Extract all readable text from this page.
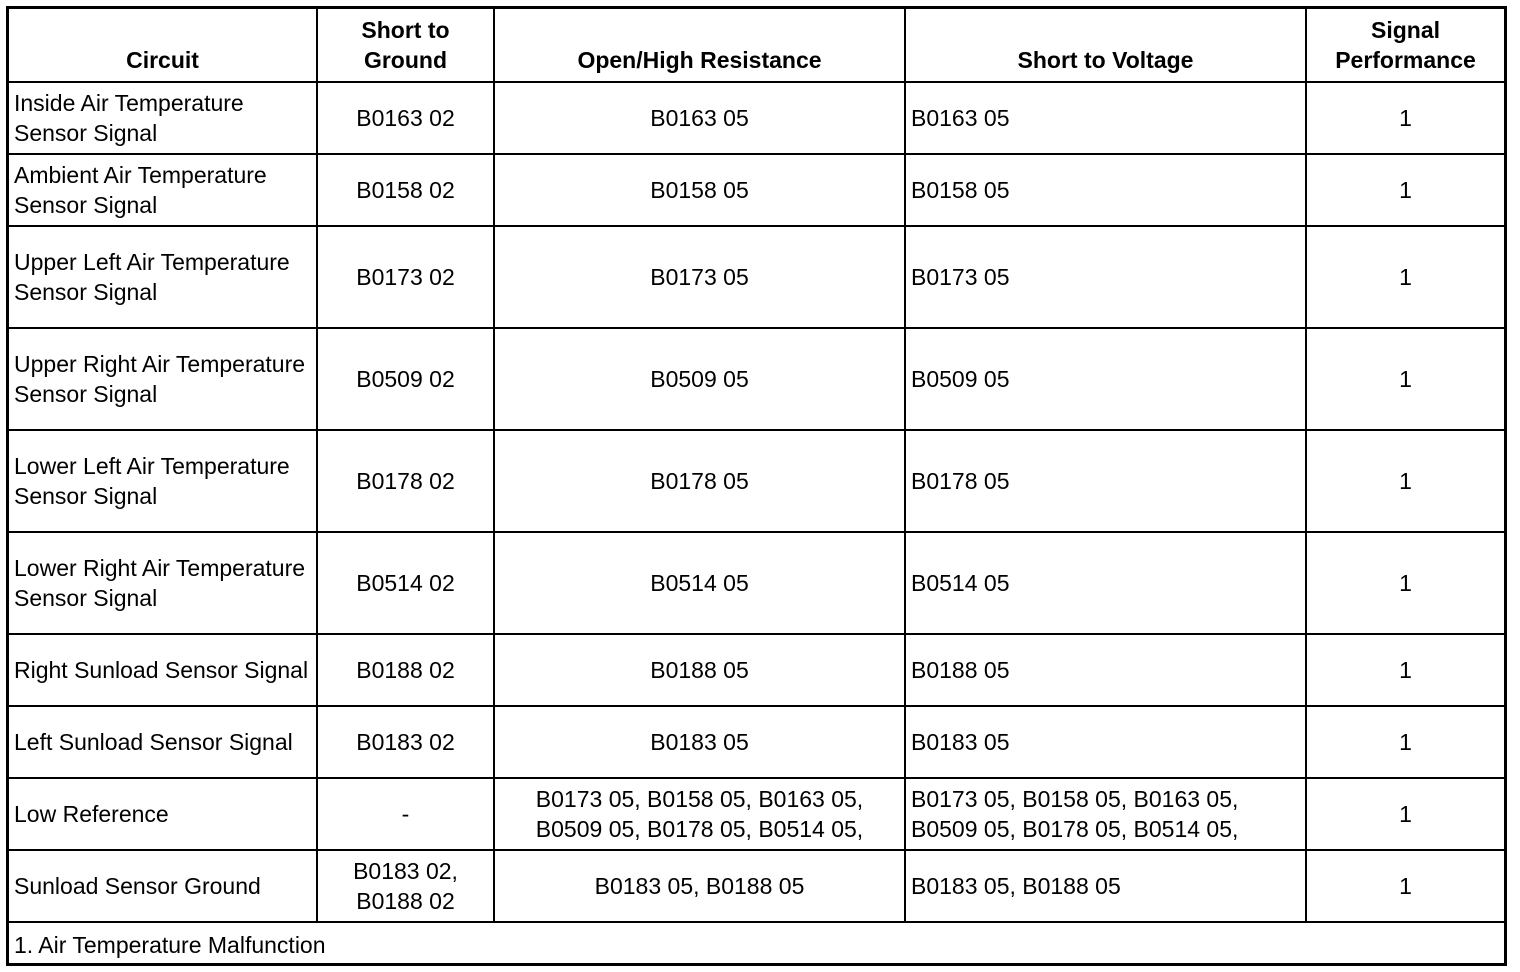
Circuit	Short to Ground	Open/High Resistance	Short to Voltage	Signal Performance
Inside Air Temperature Sensor Signal	B0163 02	B0163 05	B0163 05	1
Ambient Air Temperature Sensor Signal	B0158 02	B0158 05	B0158 05	1
Upper Left Air Temperature Sensor Signal	B0173 02	B0173 05	B0173 05	1
Upper Right Air Temperature Sensor Signal	B0509 02	B0509 05	B0509 05	1
Lower Left Air Temperature Sensor Signal	B0178 02	B0178 05	B0178 05	1
Lower Right Air Temperature Sensor Signal	B0514 02	B0514 05	B0514 05	1
Right Sunload Sensor Signal	B0188 02	B0188 05	B0188 05	1
Left Sunload Sensor Signal	B0183 02	B0183 05	B0183 05	1
Low Reference	-	B0173 05, B0158 05, B0163 05, B0509 05, B0178 05, B0514 05,	B0173 05, B0158 05, B0163 05, B0509 05, B0178 05, B0514 05,	1
Sunload Sensor Ground	B0183 02, B0188 02	B0183 05, B0188 05	B0183 05, B0188 05	1
1. Air Temperature Malfunction				
